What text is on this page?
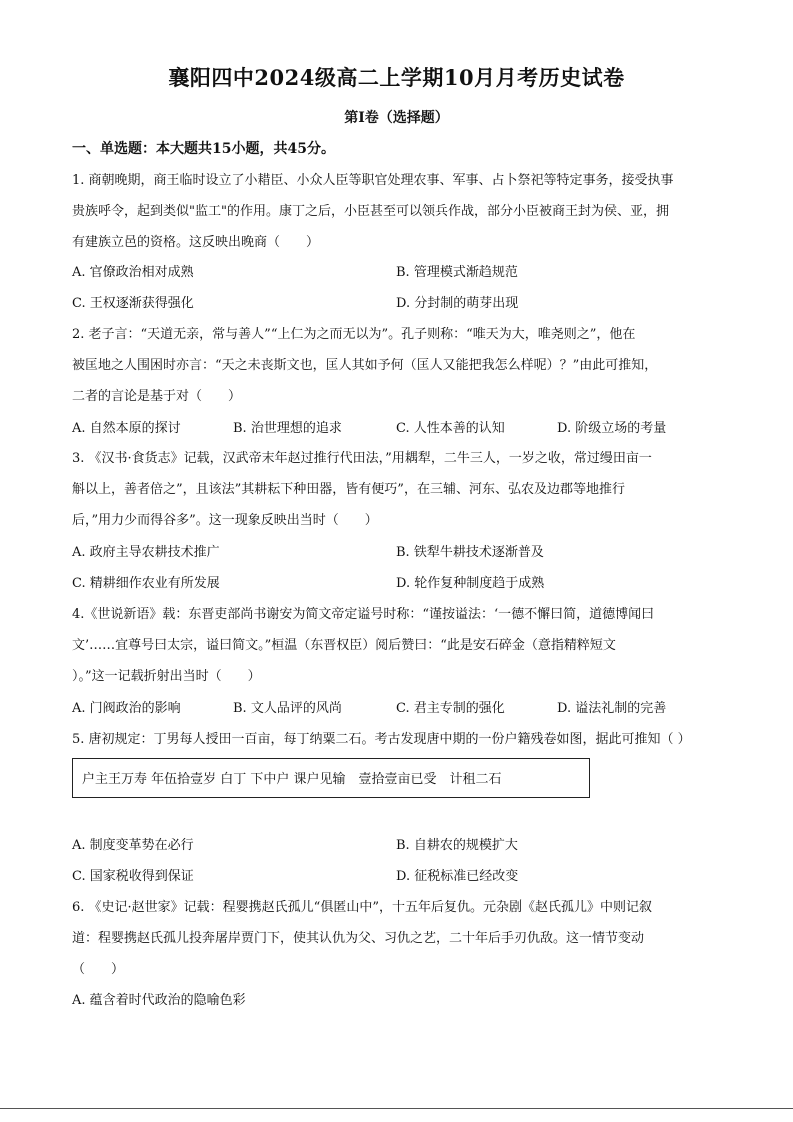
襄阳四中2024级高二上学期10月月考历史试卷
第Ⅰ卷（选择题）
一、单选题：本大题共15小题，共45分。
1. 商朝晚期，商王临时设立了小耤臣、小众人臣等职官处理农事、军事、占卜祭祀等特定事务，接受执事
贵族呼令，起到类似"监工"的作用。康丁之后，小臣甚至可以领兵作战，部分小臣被商王封为侯、亚，拥
有建族立邑的资格。这反映出晚商（　　）
A. 官僚政治相对成熟	B. 管理模式渐趋规范
C. 王权逐渐获得强化	D. 分封制的萌芽出现
2. 老子言：“天道无亲，常与善人”“上仁为之而无以为”。孔子则称：“唯天为大，唯尧则之”，他在
被匡地之人围困时亦言：“天之未丧斯文也，匡人其如予何（匡人又能把我怎么样呢）？”由此可推知，
二者的言论是基于对（　　）
A. 自然本原的探讨	B. 治世理想的追求	C. 人性本善的认知	D. 阶级立场的考量
3. 《汉书·食货志》记载，汉武帝末年赵过推行代田法，”用耦犁，二牛三人，一岁之收，常过缦田亩一
斛以上，善者倍之”，且该法”其耕耘下种田器，皆有便巧”，在三辅、河东、弘农及边郡等地推行
后，”用力少而得谷多”。这一现象反映出当时（　　）
A. 政府主导农耕技术推广	B. 铁犁牛耕技术逐渐普及
C. 精耕细作农业有所发展	D. 轮作复种制度趋于成熟
4.《世说新语》载：东晋吏部尚书谢安为简文帝定谥号时称：“谨按谥法：‘一德不懈曰简，道德博闻曰
文’……宜尊号曰太宗，谥曰简文。”桓温（东晋权臣）阅后赞曰：“此是安石碎金（意指精粹短文
）。”这一记载折射出当时（　　）
A. 门阀政治的影响	B. 文人品评的风尚	C. 君主专制的强化	D. 谥法礼制的完善
5. 唐初规定：丁男每人授田一百亩，每丁纳粟二石。考古发现唐中期的一份户籍残卷如图，据此可推知（ ）
户主王万寿 年伍拾壹岁 白丁 下中户 课户见输　壹拾壹亩已受　计租二石
A. 制度变革势在必行	B. 自耕农的规模扩大
C. 国家税收得到保证	D. 征税标准已经改变
6. 《史记·赵世家》记载：程婴携赵氏孤儿“俱匿山中”，十五年后复仇。元杂剧《赵氏孤儿》中则记叙
道：程婴携赵氏孤儿投奔屠岸贾门下，使其认仇为父、习仇之艺，二十年后手刃仇敌。这一情节变动
（　　）
A. 蕴含着时代政治的隐喻色彩
